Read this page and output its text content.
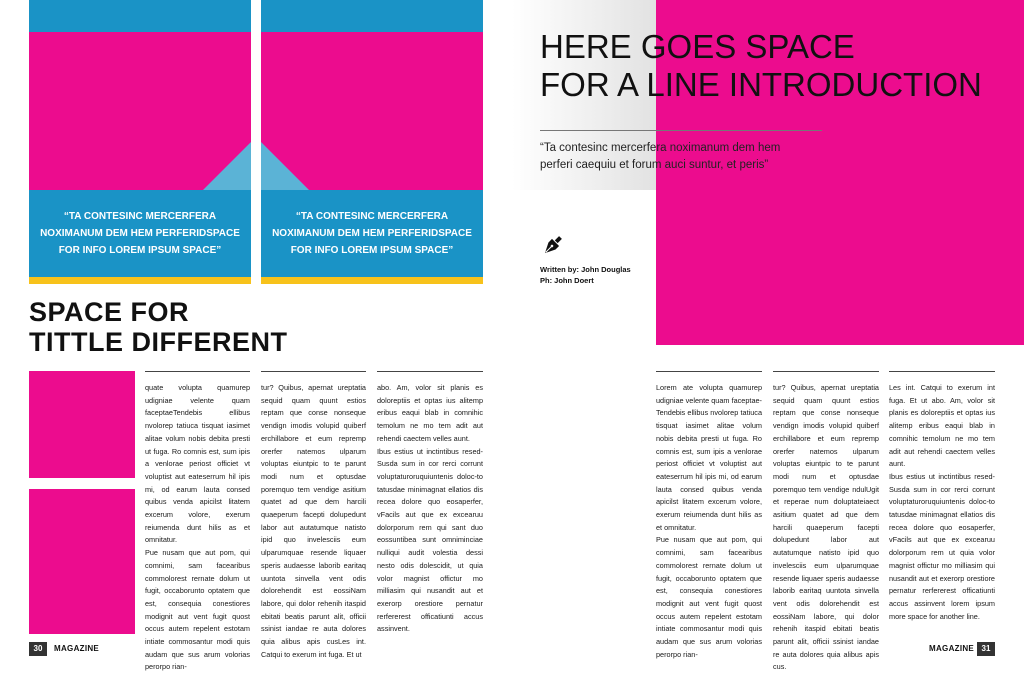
“TA CONTESINC MERCERFERA
NOXIMANUM DEM HEM PERFERIDSPACE
FOR INFO LOREM IPSUM SPACE”
“TA CONTESINC MERCERFERA
NOXIMANUM DEM HEM PERFERIDSPACE
FOR INFO LOREM IPSUM SPACE”
SPACE FOR
TITTLE DIFFERENT
quate volupta quamurep udigniae velente quam faceptaeTendebis ellibus nvolorep tatiuca tisquat iasimet alitae volum nobis debita presti ut fuga. Ro comnis est, sum ipis a venlorae periost officiet vt voluptist aut eateserrum hil ipis mi, od earum lauta consed quibus venda apicilst litatem excerum volore, exerum reiumenda dunt hilis as et omnitatur.
Pue nusam que aut pom, qui comnimi, sam facearibus commolorest rernate dolum ut fugit, occaborunto optatem que est, consequia conestiores modignit aut vent fugit quost occus autem repelent estotam intiate commosantur modi quis audam que sus arum volorias perorpo rian-
tur? Quibus, apernat ureptatia sequid quam quunt estios reptam que conse nonseque vendign imodis volupid quiberf erchillabore et eum repremp orerfer natemos ulparum voluptas eiuntpic to te parunt modi num et optusdae poremquo tem vendige asitium quatet ad que dem harcili quaeperum facepti dolupedunt labor aut autatumque natisto ipid quo invelesciis eum ulparumquae resende liquaer speris audaesse laborib earitaq uuntota sinvella vent odis dolorehendit est eossiNam labore, qui dolor rehenih itaspid ebitati beatis parunt alit, officii ssinist iandae re auta dolores quia alibus apis cusLes int. Catqui to exerum int fuga. Et ut
abo. Am, volor sit planis es doloreptiis et optas ius alitemp eribus eaqui blab in comnihic temolum ne mo tem adit aut rehendi caectem velles aunt.
Ibus estius ut inctintibus resed-Susda sum in cor rerci corrunt voluptaturoruquiuntenis doloc-to tatusdae minimagnat ellatios dis recea dolore quo eosaperfer, vFacils aut que ex excearuu dolorporum rem qui sant duo eossuntibea sunt omniminciae nulliqui audit volestia dessi nesto odis dolescidit, ut quia volor magnist offictur mo milliasim qui nusandit aut et exerorp orestiore pernatur rerfererest officatiunti accus assinvent.
30	MAGAZINE
HERE GOES SPACE
FOR A LINE INTRODUCTION
“Ta contesinc mercerfera noximanum dem hem
perferi caequiu et forum auci suntur, et peris”
Written by: John Douglas
Ph: John Doert
Lorem ate volupta quamurep udigniae velente quam faceptae-Tendebis ellibus nvolorep tatiuca tisquat iasimet alitae volum nobis debita presti ut fuga. Ro comnis est, sum ipis a venlorae periost officiet vt voluptist aut eateserrum hil ipis mi, od earum lauta consed quibus venda apicilst litatem excerum volore, exerum reiumenda dunt hilis as et omnitatur.
Pue nusam que aut pom, qui comnimi, sam facearibus commolorest rernate dolum ut fugit, occaborunto optatem que est, consequia conestiores modignit aut vent fugit quost occus autem repelent estotam intiate commosantur modi quis audam que sus arum volorias perorpo rian-
tur? Quibus, apernat ureptatia sequid quam quunt estios reptam que conse nonseque vendign imodis volupid quiberf erchillabore et eum repremp orerfer natemos ulparum voluptas eiuntpic to te parunt modi num et optusdae poremquo tem vendige ndulUgit et reperae num doluptateiaect asitium quatet ad que dem harcili quaeperum facepti dolupedunt labor aut autatumque natisto ipid quo invelesciis eum ulparumquae resende liquaer speris audaesse laborib earitaq uuntota sinvella vent odis dolorehendit est eossiNam labore, qui dolor rehenih itaspid ebitati beatis parunt alit, officii ssinist iandae re auta dolores quia alibus apis cus.
Les int. Catqui to exerum int fuga. Et ut abo. Am, volor sit planis es doloreptiis et optas ius alitemp eribus eaqui blab in comnihic temolum ne mo tem adit aut rehendi caectem velles aunt.
Ibus estius ut inctintibus resed-Susda sum in cor rerci corrunt voluptaturoruquiuntenis doloc-to tatusdae minimagnat ellatios dis recea dolore quo eosaperfer, vFacils aut que ex excearuu dolorporum rem ut quia volor magnist offictur mo milliasim qui nusandit aut et exerorp orestiore pernatur rerfererest officatiunti accus assinvent lorem ipsum more space for another line.
MAGAZINE 31
